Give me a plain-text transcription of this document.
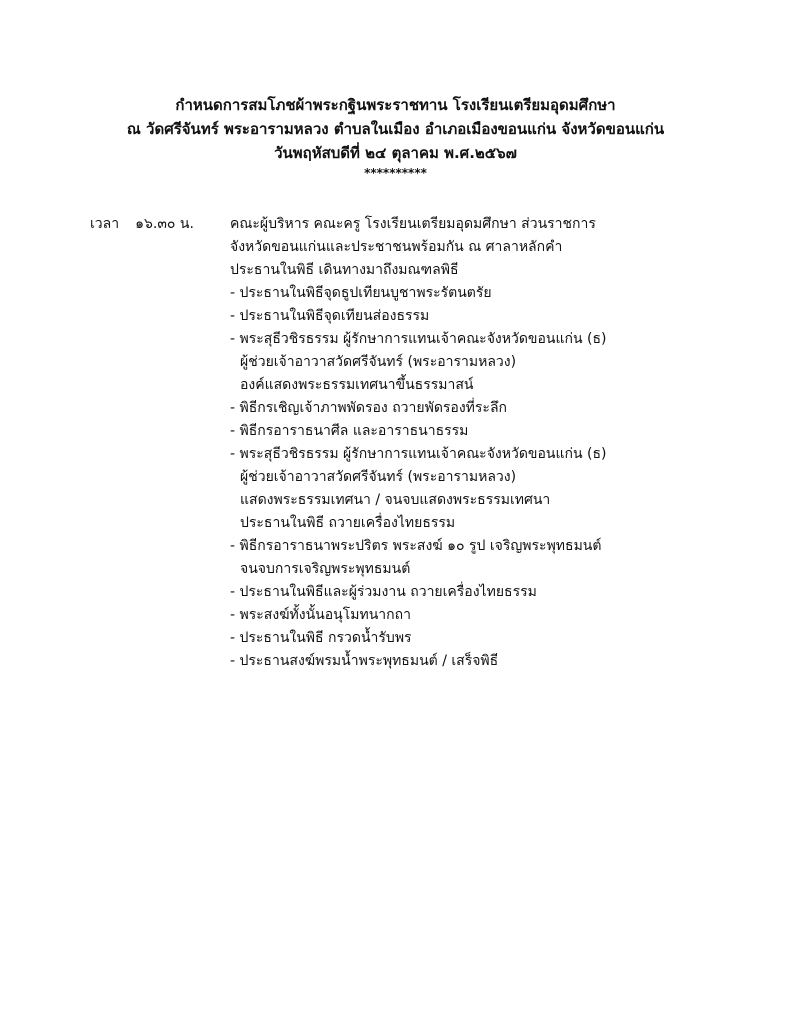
กำหนดการสมโภชผ้าพระกฐินพระราชทาน โรงเรียนเตรียมอุดมศึกษา
ณ วัดศรีจันทร์ พระอารามหลวง ตำบลในเมือง อำเภอเมืองขอนแก่น จังหวัดขอนแก่น
วันพฤหัสบดีที่ ๒๔ ตุลาคม พ.ศ.๒๕๖๗
**********
เวลา ๑๖.๓๐ น.	คณะผู้บริหาร คณะครู โรงเรียนเตรียมอุดมศึกษา ส่วนราชการ
จังหวัดขอนแก่นและประชาชนพร้อมกัน ณ ศาลาหลักคำ
ประธานในพิธี เดินทางมาถึงมณฑลพิธี
- ประธานในพิธีจุดธูปเทียนบูชาพระรัตนตรัย
- ประธานในพิธีจุดเทียนส่องธรรม
- พระสุธีวชิรธรรม ผู้รักษาการแทนเจ้าคณะจังหวัดขอนแก่น (ธ)
ผู้ช่วยเจ้าอาวาสวัดศรีจันทร์ (พระอารามหลวง)
องค์แสดงพระธรรมเทศนาขึ้นธรรมาสน์
- พิธีกรเชิญเจ้าภาพพัดรอง ถวายพัดรองที่ระลึก
- พิธีกรอาราธนาศีล และอาราธนาธรรม
- พระสุธีวชิรธรรม ผู้รักษาการแทนเจ้าคณะจังหวัดขอนแก่น (ธ)
ผู้ช่วยเจ้าอาวาสวัดศรีจันทร์ (พระอารามหลวง)
แสดงพระธรรมเทศนา / จนจบแสดงพระธรรมเทศนา
ประธานในพิธี ถวายเครื่องไทยธรรม
- พิธีกรอาราธนาพระปริตร พระสงฆ์ ๑๐ รูป เจริญพระพุทธมนต์
จนจบการเจริญพระพุทธมนต์
- ประธานในพิธีและผู้ร่วมงาน ถวายเครื่องไทยธรรม
- พระสงฆ์ทั้งนั้นอนุโมทนากถา
- ประธานในพิธี กรวดน้ำรับพร
- ประธานสงฆ์พรมน้ำพระพุทธมนต์ / เสร็จพิธี
